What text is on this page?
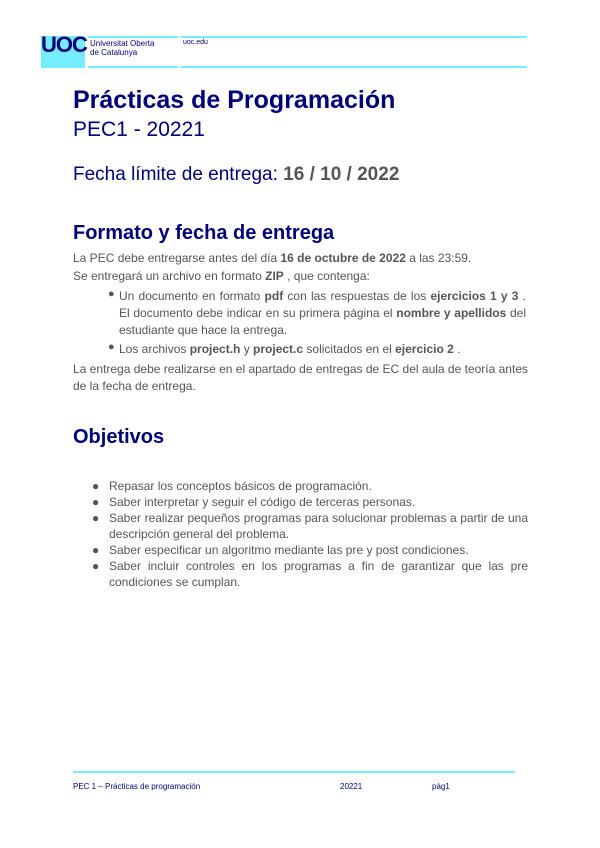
UOC Universitat Oberta
de Catalunya
uoc.edu
Prácticas de Programación
PEC1 - 20221
Fecha límite de entrega: 16 / 10 / 2022
Formato y fecha de entrega
La PEC debe entregarse antes del día 16 de octubre de 2022 a las 23:59.
Se entregará un archivo en formato ZIP , que contenga:
● Un documento en formato pdf con las respuestas de los ejercicios 1 y 3 . El documento debe indicar en su primera página el nombre y apellidos del estudiante que hace la entrega.
● Los archivos project.h y project.c solicitados en el ejercicio 2 .
La entrega debe realizarse en el apartado de entregas de EC del aula de teoría antes de la fecha de entrega.
Objetivos
● Repasar los conceptos básicos de programación.
● Saber interpretar y seguir el código de terceras personas.
● Saber realizar pequeños programas para solucionar problemas a partir de una descripción general del problema.
● Saber especificar un algoritmo mediante las pre y post condiciones.
● Saber incluir controles en los programas a fin de garantizar que las pre condiciones se cumplan.
PEC 1 – Prácticas de programación	20221	pàg1
